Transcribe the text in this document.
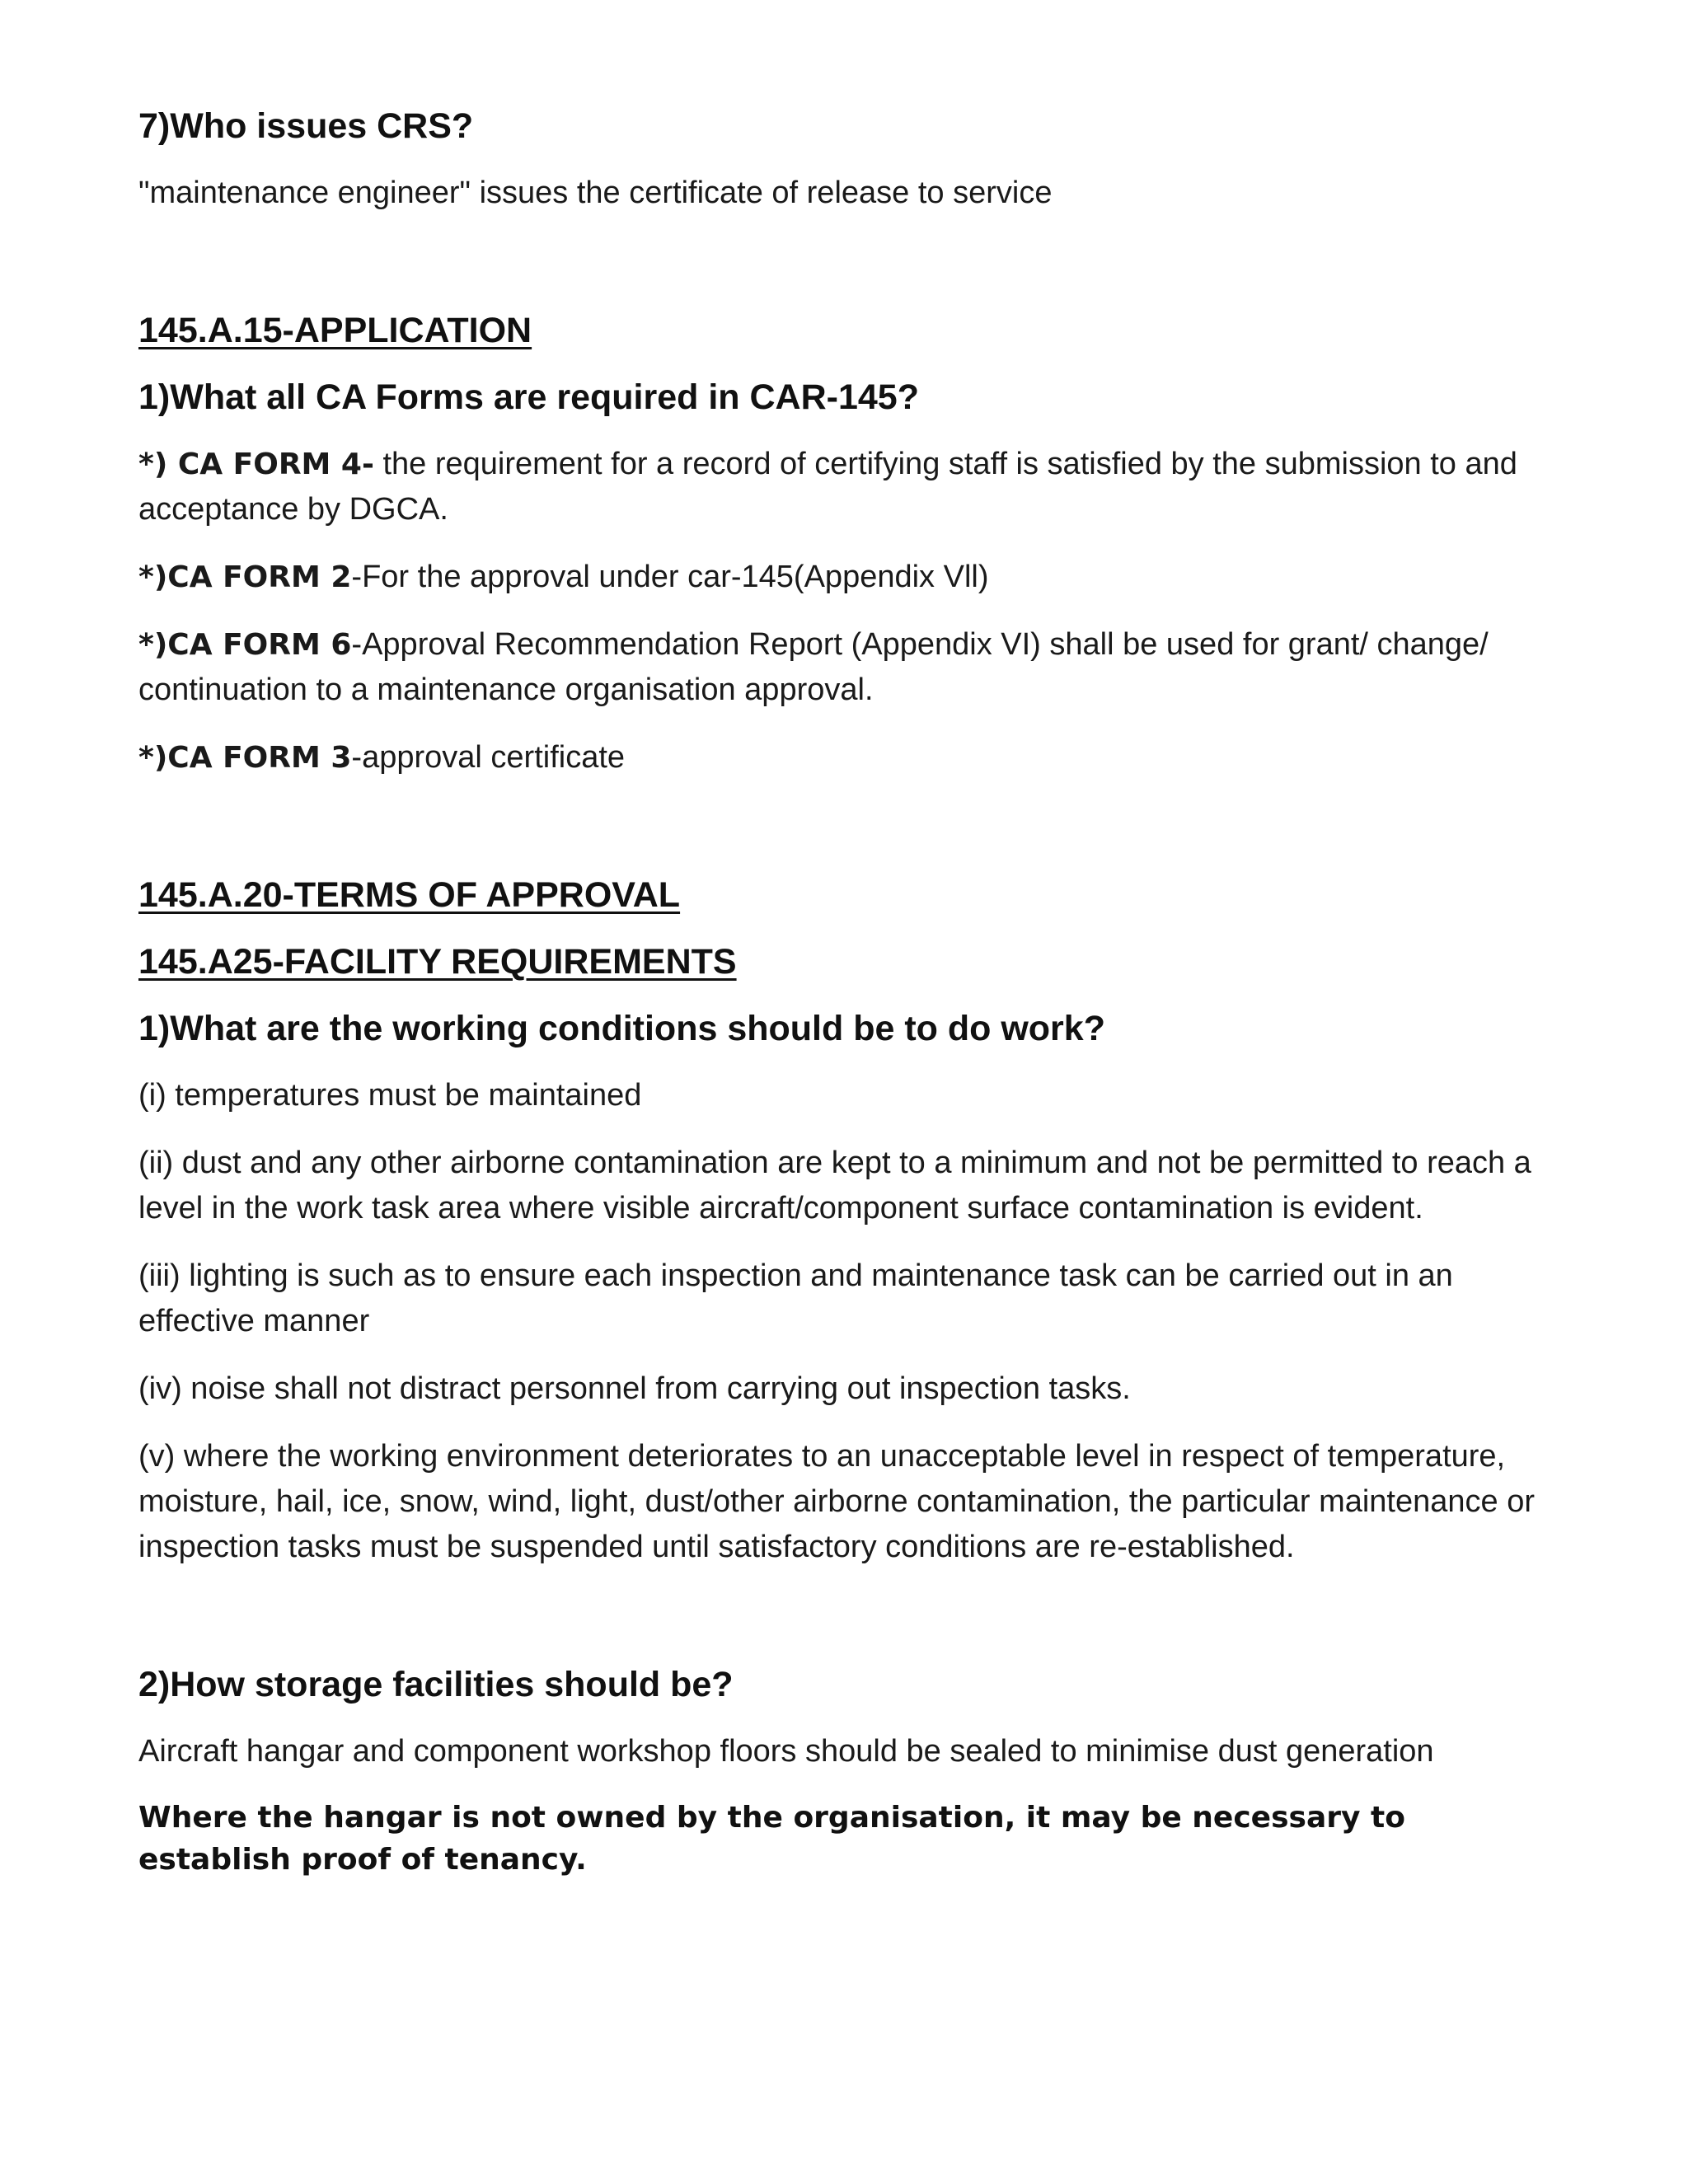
7)Who issues CRS?

"maintenance engineer" issues the certificate of release to service

145.A.15-APPLICATION
1)What all CA Forms are required in CAR-145?

*) CA FORM 4- the requirement for a record of certifying staff is satisfied by the submission to and acceptance by DGCA.

*)CA FORM 2-For the approval under car-145(Appendix Vll)

*)CA FORM 6-Approval Recommendation Report (Appendix VI) shall be used for grant/ change/ continuation to a maintenance organisation approval.

*)CA FORM 3-approval certificate

145.A.20-TERMS OF APPROVAL
145.A25-FACILITY REQUIREMENTS
1)What are the working conditions should be to do work?

(i) temperatures must be maintained

(ii) dust and any other airborne contamination are kept to a minimum and not be permitted to reach a level in the work task area where visible aircraft/component surface contamination is evident.

(iii) lighting is such as to ensure each inspection and maintenance task can be carried out in an effective manner

(iv) noise shall not distract personnel from carrying out inspection tasks.

(v) where the working environment deteriorates to an unacceptable level in respect of temperature, moisture, hail, ice, snow, wind, light, dust/other airborne contamination, the particular maintenance or inspection tasks must be suspended until satisfactory conditions are re-established.

2)How storage facilities should be?

Aircraft hangar and component workshop floors should be sealed to minimise dust generation

Where the hangar is not owned by the organisation, it may be necessary to establish proof of tenancy.
